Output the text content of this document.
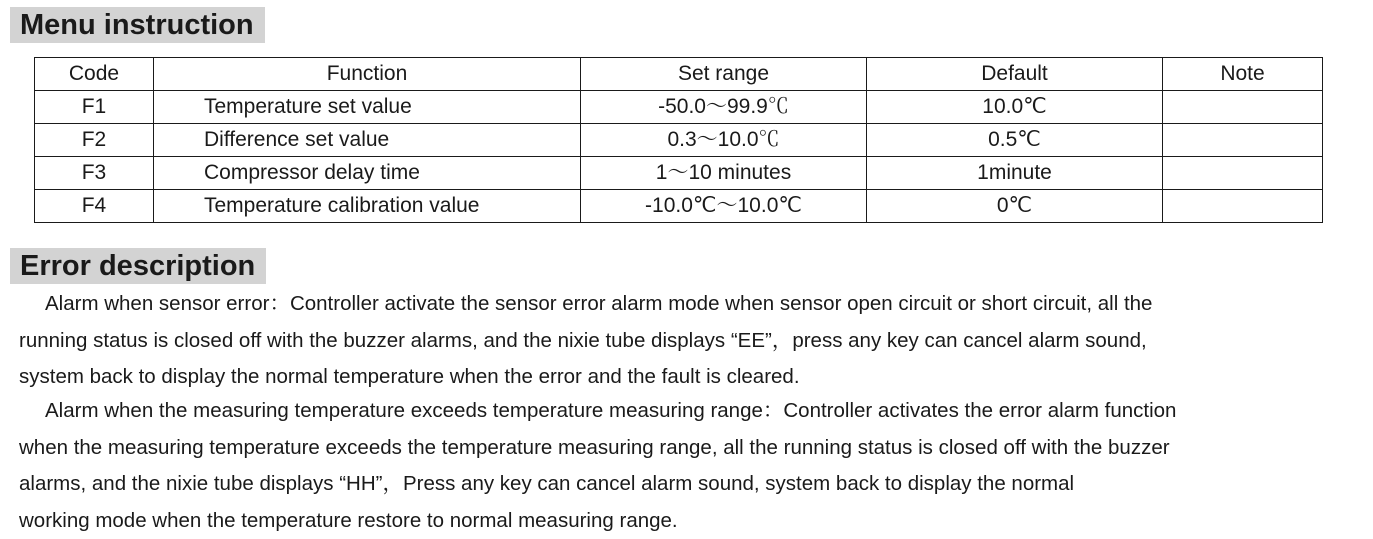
Menu instruction
Code	Function	Set range	Default	Note
F1	Temperature set value	-50.0～99.9℃	10.0℃	
F2	Difference set value	0.3～10.0℃	0.5℃	
F3	Compressor delay time	1～10 minutes	1minute	
F4	Temperature calibration value	-10.0℃～10.0℃	0℃	
Error description
Alarm when sensor error：Controller activate the sensor error alarm mode when sensor open circuit or short circuit, all the
running status is closed off with the buzzer alarms, and the nixie tube displays “EE”，press any key can cancel alarm sound,
system back to display the normal temperature when the error and the fault is cleared.
Alarm when the measuring temperature exceeds temperature measuring range：Controller activates the error alarm function
when the measuring temperature exceeds the temperature measuring range, all the running status is closed off with the buzzer
alarms, and the nixie tube displays “HH”，Press any key can cancel alarm sound, system back to display the normal
working mode when the temperature restore to normal measuring range.
